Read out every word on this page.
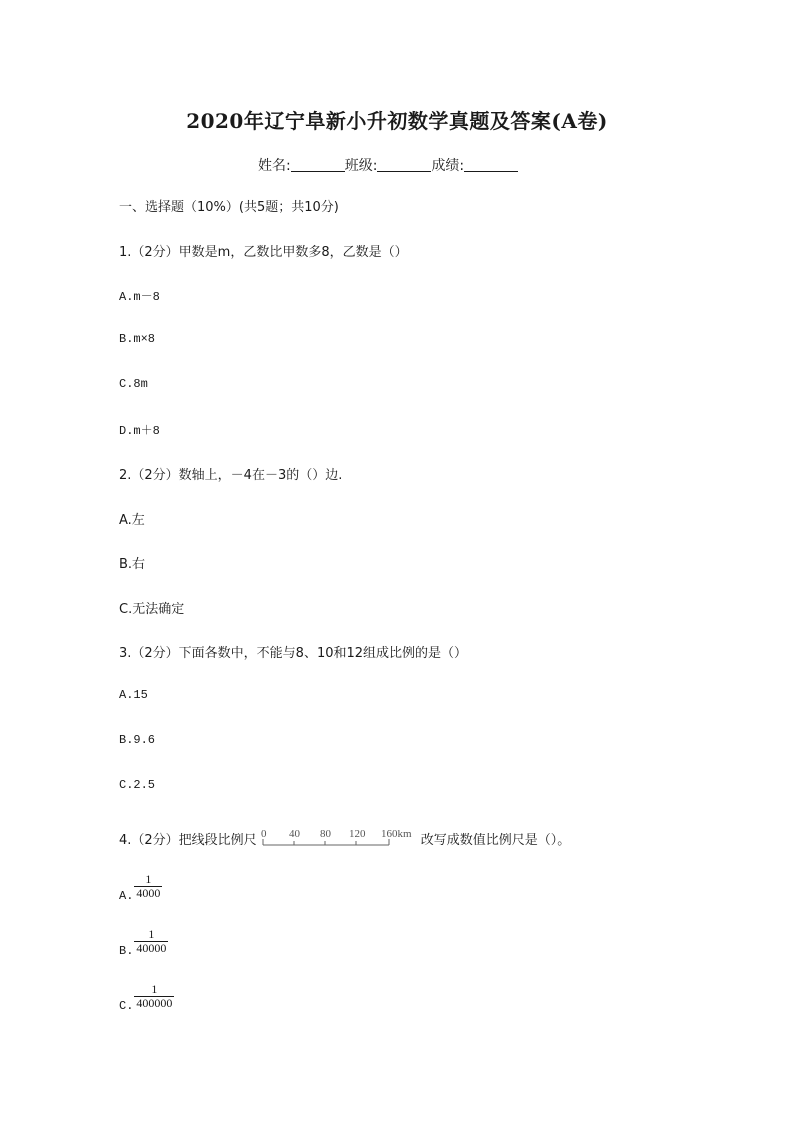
2020年辽宁阜新小升初数学真题及答案(A卷)
姓名:	班级:	成绩:
一、选择题（10%）(共5题；共10分)
1.（2分）甲数是m，乙数比甲数多8，乙数是（）
A.m－8
B.m×8
C.8m
D.m＋8
2.（2分）数轴上，－4在－3的（）边.
A.左
B.右
C.无法确定
3.（2分）下面各数中，不能与8、10和12组成比例的是（）
A.15
B.9.6
C.2.5
4.（2分）把线段比例尺 0 40 80 120 160km 改写成数值比例尺是（）。
A. $\frac{1}{4000}$
B. $\frac{1}{40000}$
C. $\frac{1}{400000}$
